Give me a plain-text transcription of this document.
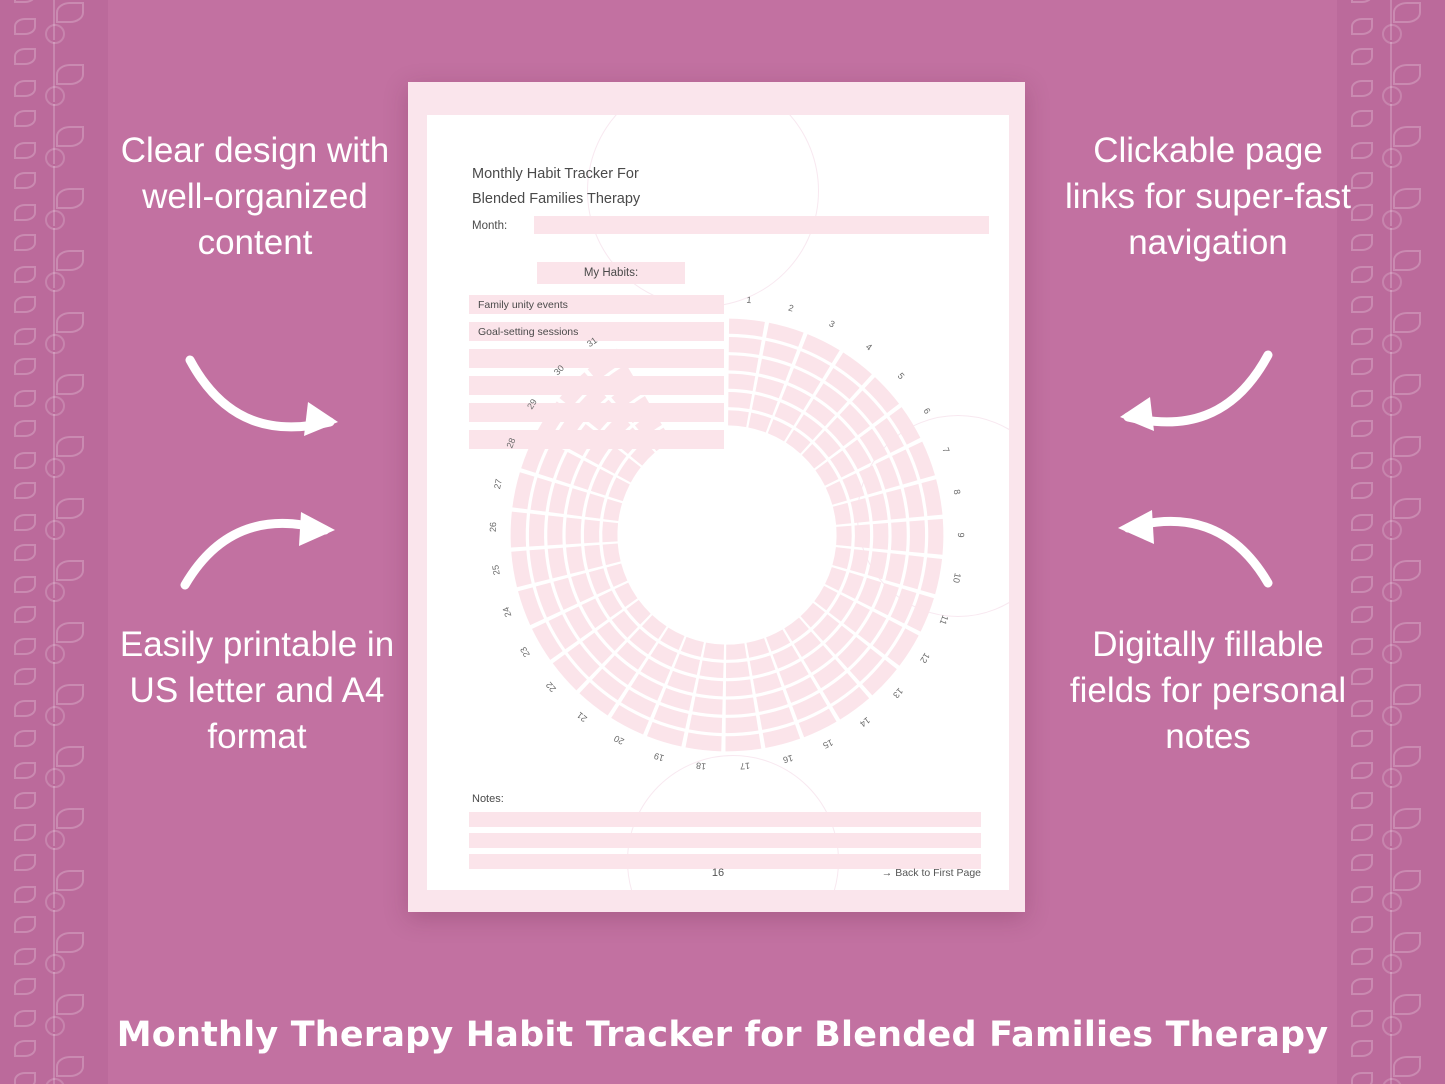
Clear design with well-organized content
Easily printable in US letter and A4 format
Clickable page links for super-fast navigation
Digitally fillable fields for personal notes
Monthly Habit Tracker For
Blended Families Therapy
Month:
My Habits:
Family unity events
Goal-setting sessions
1
2
3
4
5
6
7
8
9
10
11
12
13
14
15
16
17
18
19
20
21
22
23
24
25
26
27
28
29
30
31
Notes:
16	→ Back to First Page
Monthly Therapy Habit Tracker for Blended Families Therapy
